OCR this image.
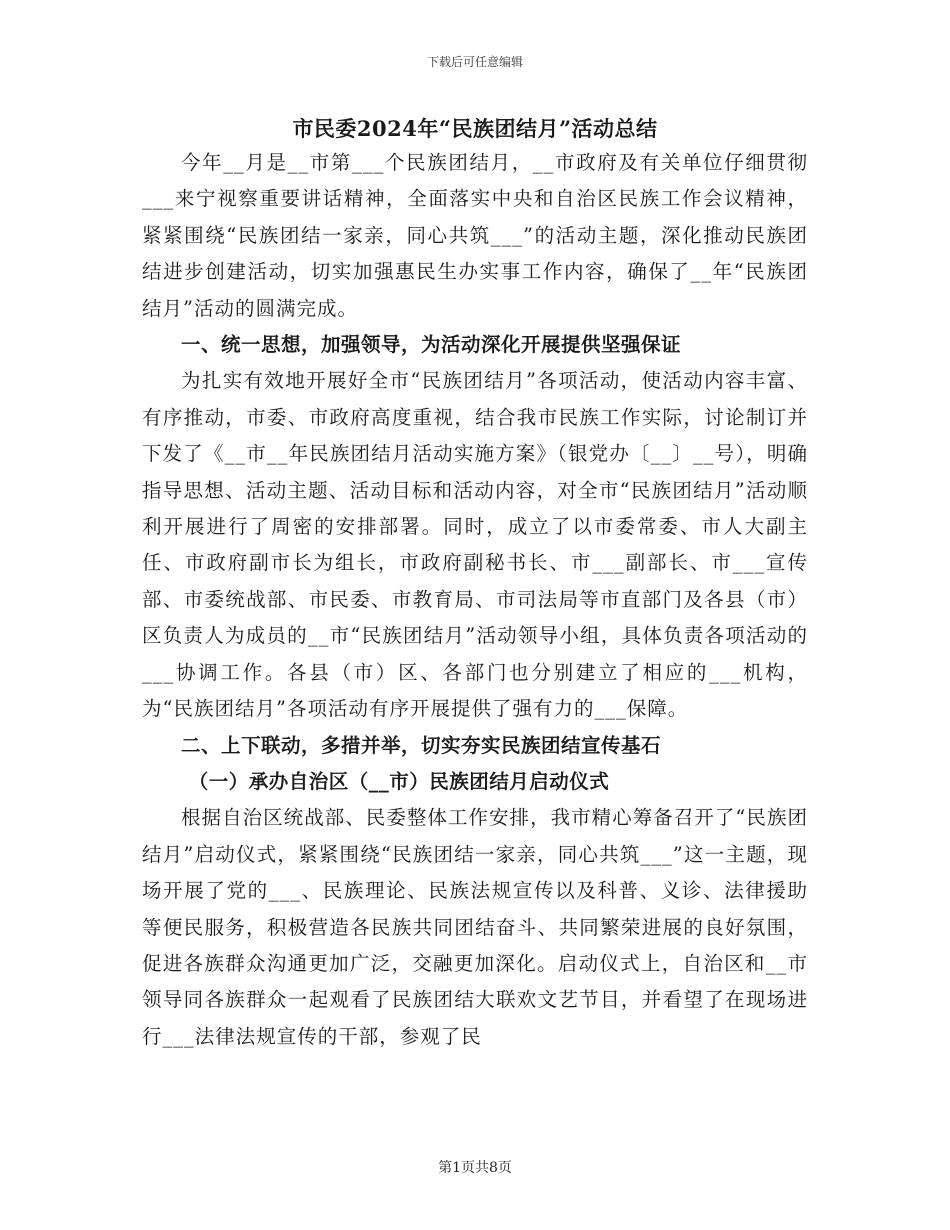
下载后可任意编辑
市民委2024年“民族团结月”活动总结

今年__月是__市第___个民族团结月，__市政府及有关单位仔细贯彻___来宁视察重要讲话精神，全面落实中央和自治区民族工作会议精神，紧紧围绕“民族团结一家亲，同心共筑___”的活动主题，深化推动民族团结进步创建活动，切实加强惠民生办实事工作内容，确保了__年“民族团结月”活动的圆满完成。

一、统一思想，加强领导，为活动深化开展提供坚强保证

为扎实有效地开展好全市“民族团结月”各项活动，使活动内容丰富、有序推动，市委、市政府高度重视，结合我市民族工作实际，讨论制订并下发了《__市__年民族团结月活动实施方案》（银党办〔__〕__号），明确指导思想、活动主题、活动目标和活动内容，对全市“民族团结月”活动顺利开展进行了周密的安排部署。同时，成立了以市委常委、市人大副主任、市政府副市长为组长，市政府副秘书长、市___副部长、市___宣传部、市委统战部、市民委、市教育局、市司法局等市直部门及各县（市）区负责人为成员的__市“民族团结月”活动领导小组，具体负责各项活动的___协调工作。各县（市）区、各部门也分别建立了相应的___机构，为“民族团结月”各项活动有序开展提供了强有力的___保障。

二、上下联动，多措并举，切实夯实民族团结宣传基石

（一）承办自治区（__市）民族团结月启动仪式

根据自治区统战部、民委整体工作安排，我市精心筹备召开了“民族团结月”启动仪式，紧紧围绕“民族团结一家亲，同心共筑___”这一主题，现场开展了党的___、民族理论、民族法规宣传以及科普、义诊、法律援助等便民服务，积极营造各民族共同团结奋斗、共同繁荣进展的良好氛围，促进各族群众沟通更加广泛，交融更加深化。启动仪式上，自治区和__市领导同各族群众一起观看了民族团结大联欢文艺节目，并看望了在现场进行___法律法规宣传的干部，参观了民

第1页共8页
